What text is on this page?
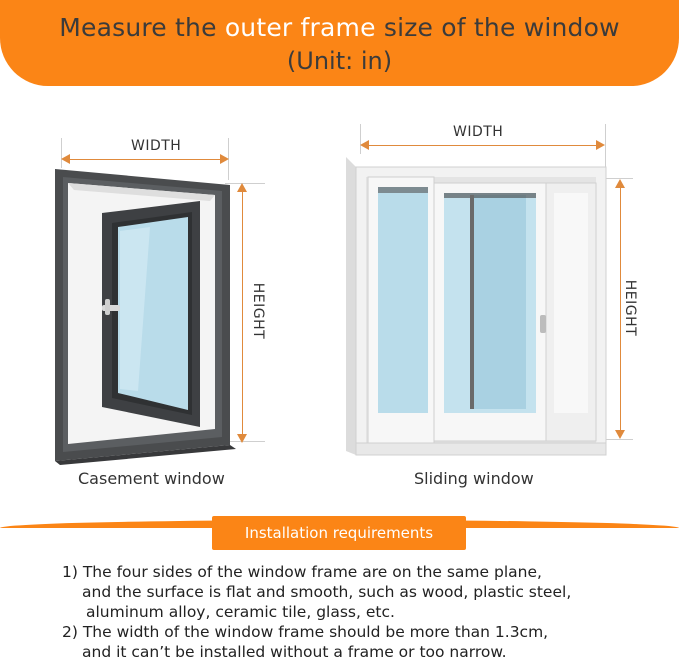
Measure the outer frame size of the window
(Unit: in)
WIDTH
HEIGHT
Casement window
WIDTH
HEIGHT
Sliding window
Installation requirements
1) The four sides of the window frame are on the same plane,
and the surface is flat and smooth, such as wood, plastic steel,
aluminum alloy, ceramic tile, glass, etc.
2) The width of the window frame should be more than 1.3cm,
and it can’t be installed without a frame or too narrow.
